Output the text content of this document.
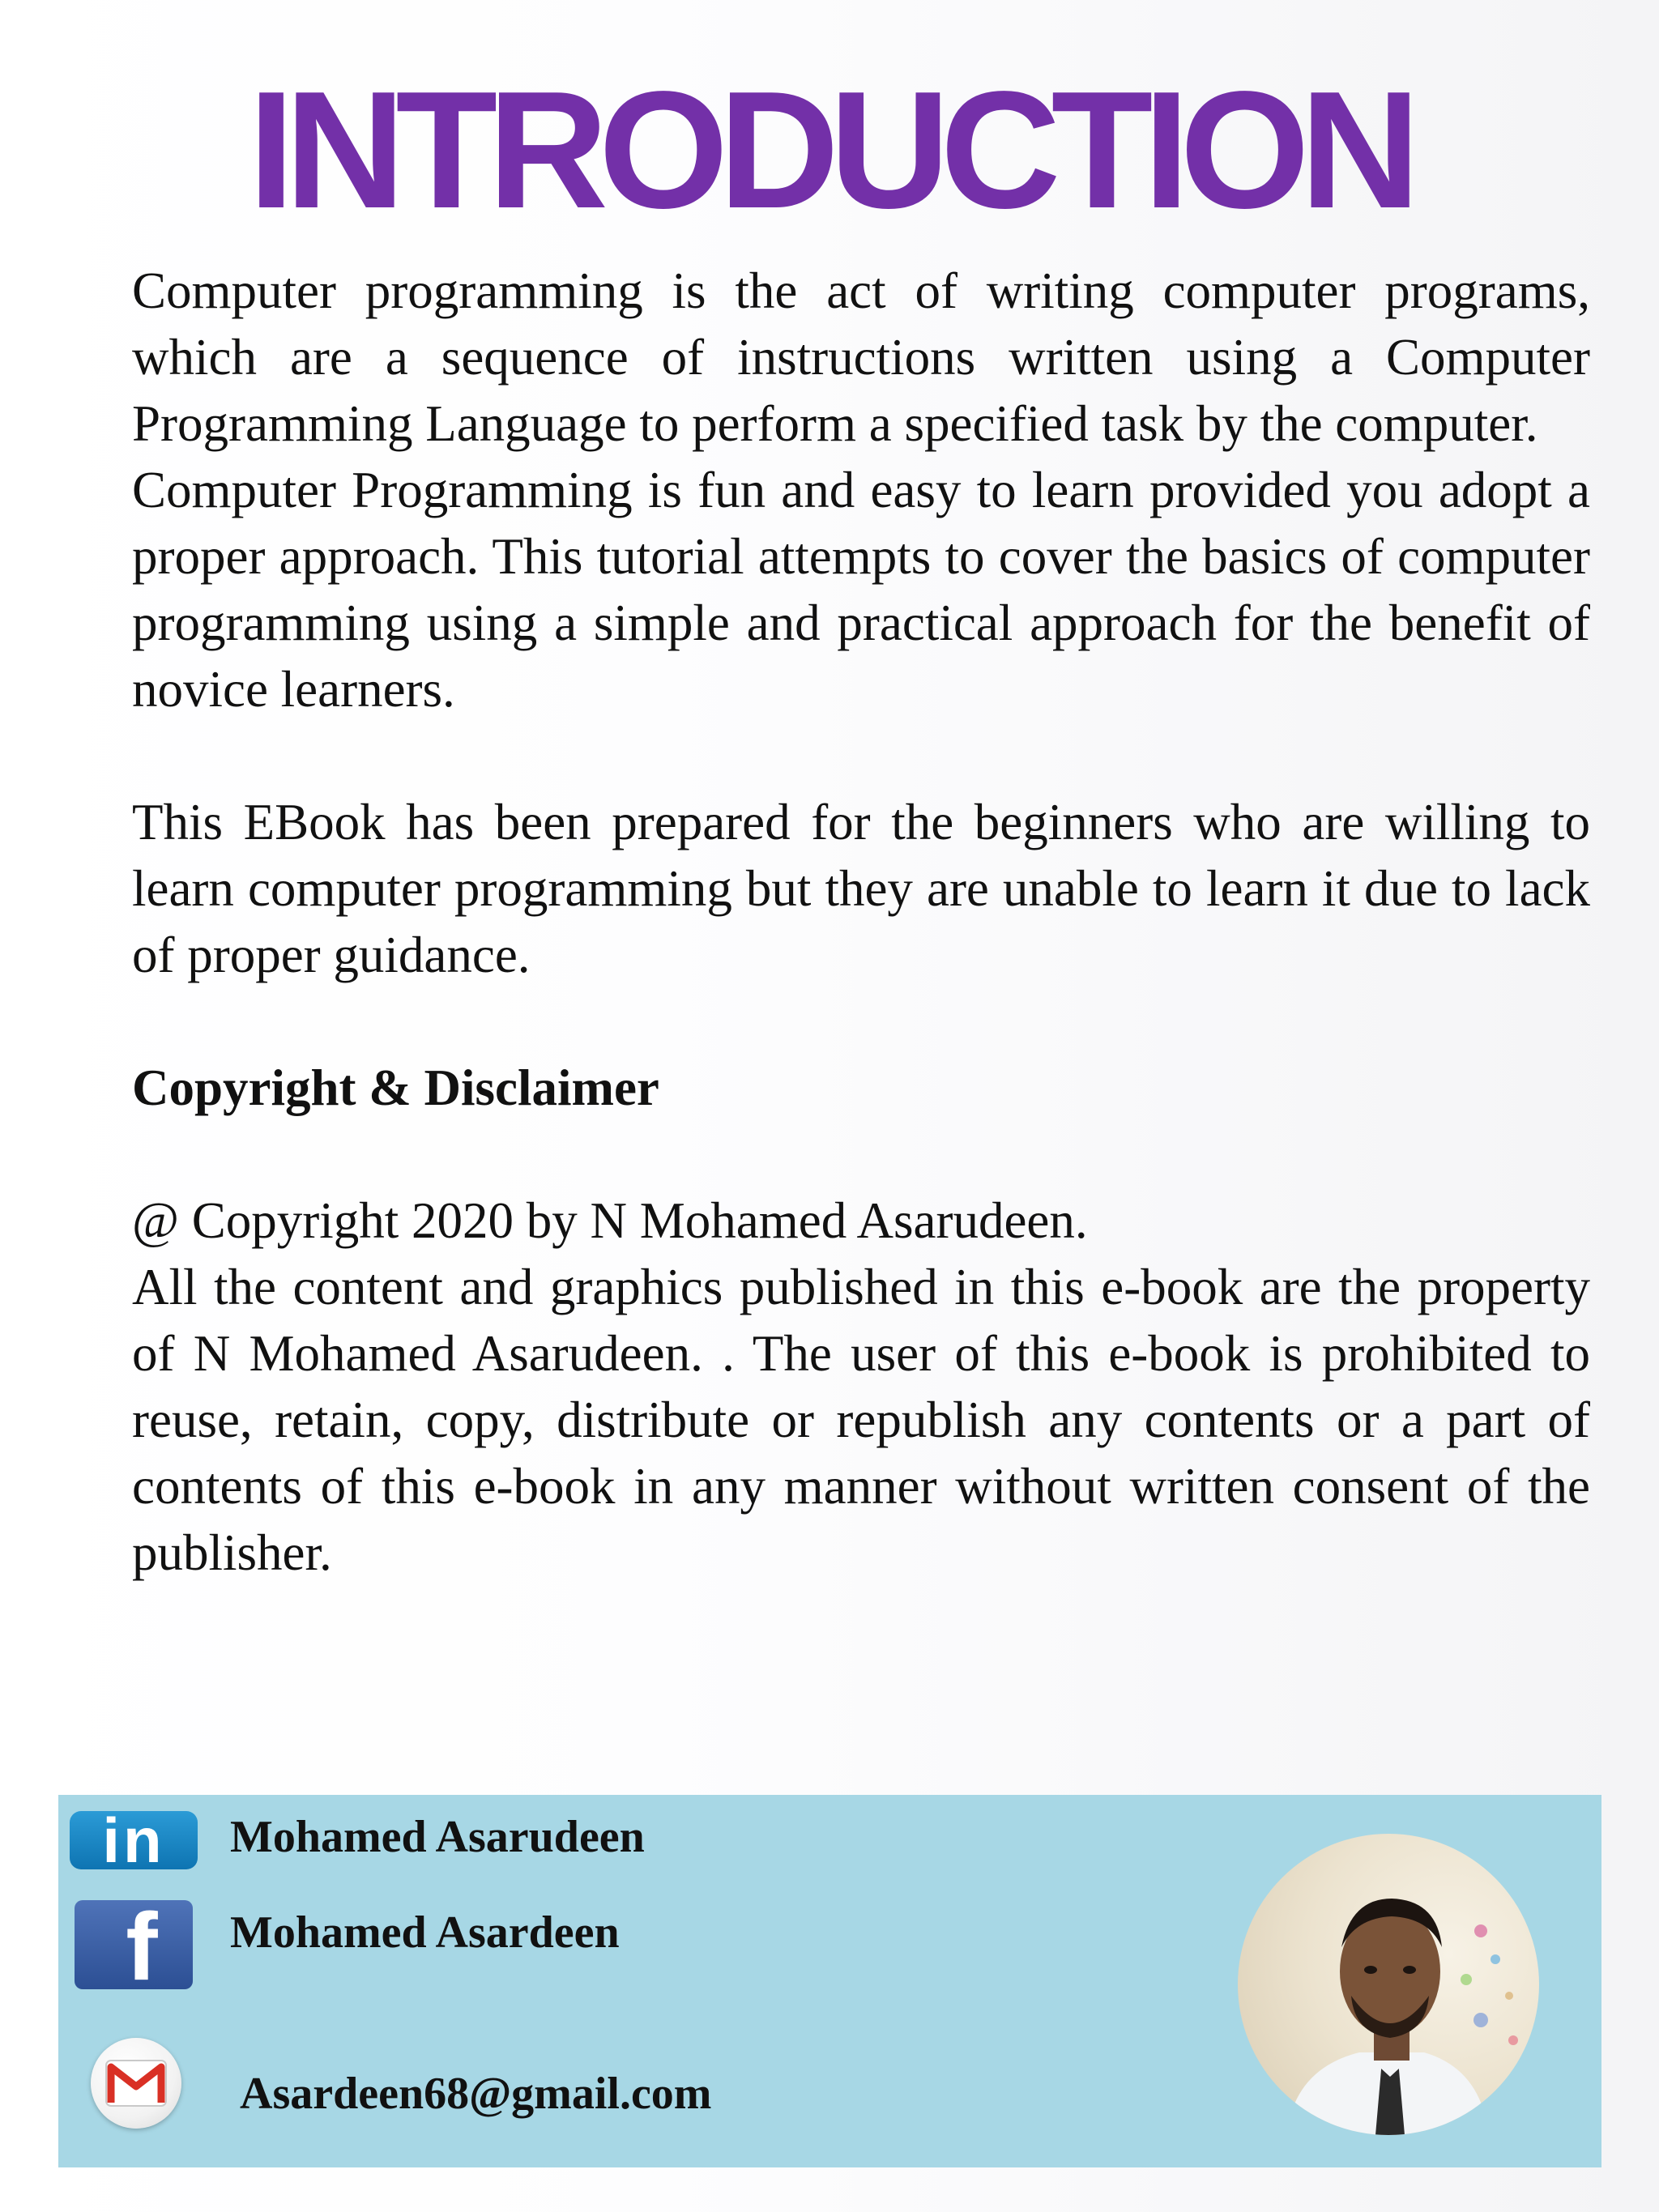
INTRODUCTION

Computer programming is the act of writing computer programs, which are a sequence of instructions written using a Computer Programming Language to perform a specified task by the computer.

Computer Programming is fun and easy to learn provided you adopt a proper approach. This tutorial attempts to cover the basics of computer programming using a simple and practical approach for the benefit of novice learners.

This EBook has been prepared for the beginners who are willing to learn computer programming but they are unable to learn it due to lack of proper guidance.

Copyright & Disclaimer

@ Copyright 2020 by N Mohamed Asarudeen.

All the content and graphics published in this e-book are the property of N Mohamed Asarudeen. . The user of this e-book is prohibited to reuse, retain, copy, distribute or republish any contents or a part of contents of this e-book in any manner without written consent of the publisher.

in Mohamed Asarudeen
f Mohamed Asardeen
Asardeen68@gmail.com
